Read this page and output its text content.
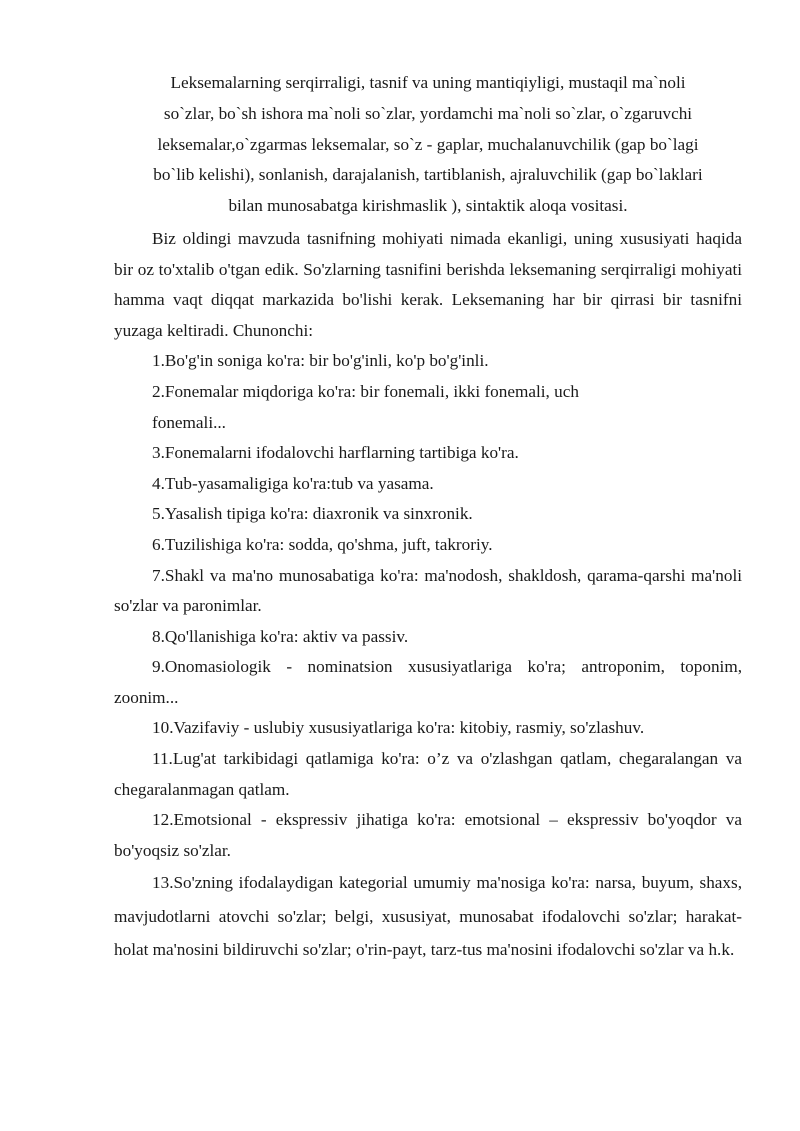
Leksemalarning serqirraligi, tasnif va uning mantiqiyligi, mustaqil ma`noli
so`zlar, bo`sh ishora ma`noli so`zlar, yordamchi ma`noli so`zlar, o`zgaruvchi
leksemalar,o`zgarmas leksemalar, so`z - gaplar, muchalanuvchilik (gap bo`lagi
bo`lib kelishi), sonlanish, darajalanish, tartiblanish, ajraluvchilik (gap bo`laklari
bilan munosabatga kirishmaslik ), sintaktik aloqa vositasi.

Biz oldingi mavzuda tasnifning mohiyati nimada ekanligi, uning xususiyati haqida bir oz to'xtalib o'tgan edik. So'zlarning tasnifini berishda leksemaning serqirraligi mohiyati hamma vaqt diqqat markazida bo'lishi kerak. Leksemaning har bir qirrasi bir tasnifni yuzaga keltiradi. Chunonchi:

1.Bo'g'in soniga ko'ra: bir bo'g'inli, ko'p bo'g'inli.

2.Fonemalar miqdoriga ko'ra: bir fonemali, ikki fonemali, uch

fonemali...

3.Fonemalarni ifodalovchi harflarning tartibiga ko'ra.

4.Tub-yasamaligiga ko'ra:tub va yasama.

5.Yasalish tipiga ko'ra: diaxronik va sinxronik.

6.Tuzilishiga ko'ra: sodda, qo'shma, juft, takroriy.

7.Shakl va ma'no munosabatiga ko'ra: ma'nodosh, shakldosh, qarama-qarshi ma'noli so'zlar va paronimlar.

8.Qo'llanishiga ko'ra: aktiv va passiv.

9.Onomasiologik - nominatsion xususiyatlariga ko'ra; antroponim, toponim, zoonim...

10.Vazifaviy - uslubiy xususiyatlariga ko'ra: kitobiy, rasmiy, so'zlashuv.

11.Lug'at tarkibidagi qatlamiga ko'ra: o’z va o'zlashgan qatlam, chegaralangan va chegaralanmagan qatlam.

12.Emotsional - ekspressiv jihatiga ko'ra: emotsional – ekspressiv bo'yoqdor va bo'yoqsiz so'zlar.

13.So'zning ifodalaydigan kategorial umumiy ma'nosiga ko'ra: narsa, buyum, shaxs, mavjudotlarni atovchi so'zlar; belgi, xususiyat, munosabat ifodalovchi so'zlar; harakat-holat ma'nosini bildiruvchi so'zlar; o'rin-payt, tarz-tus ma'nosini ifodalovchi so'zlar va h.k.
